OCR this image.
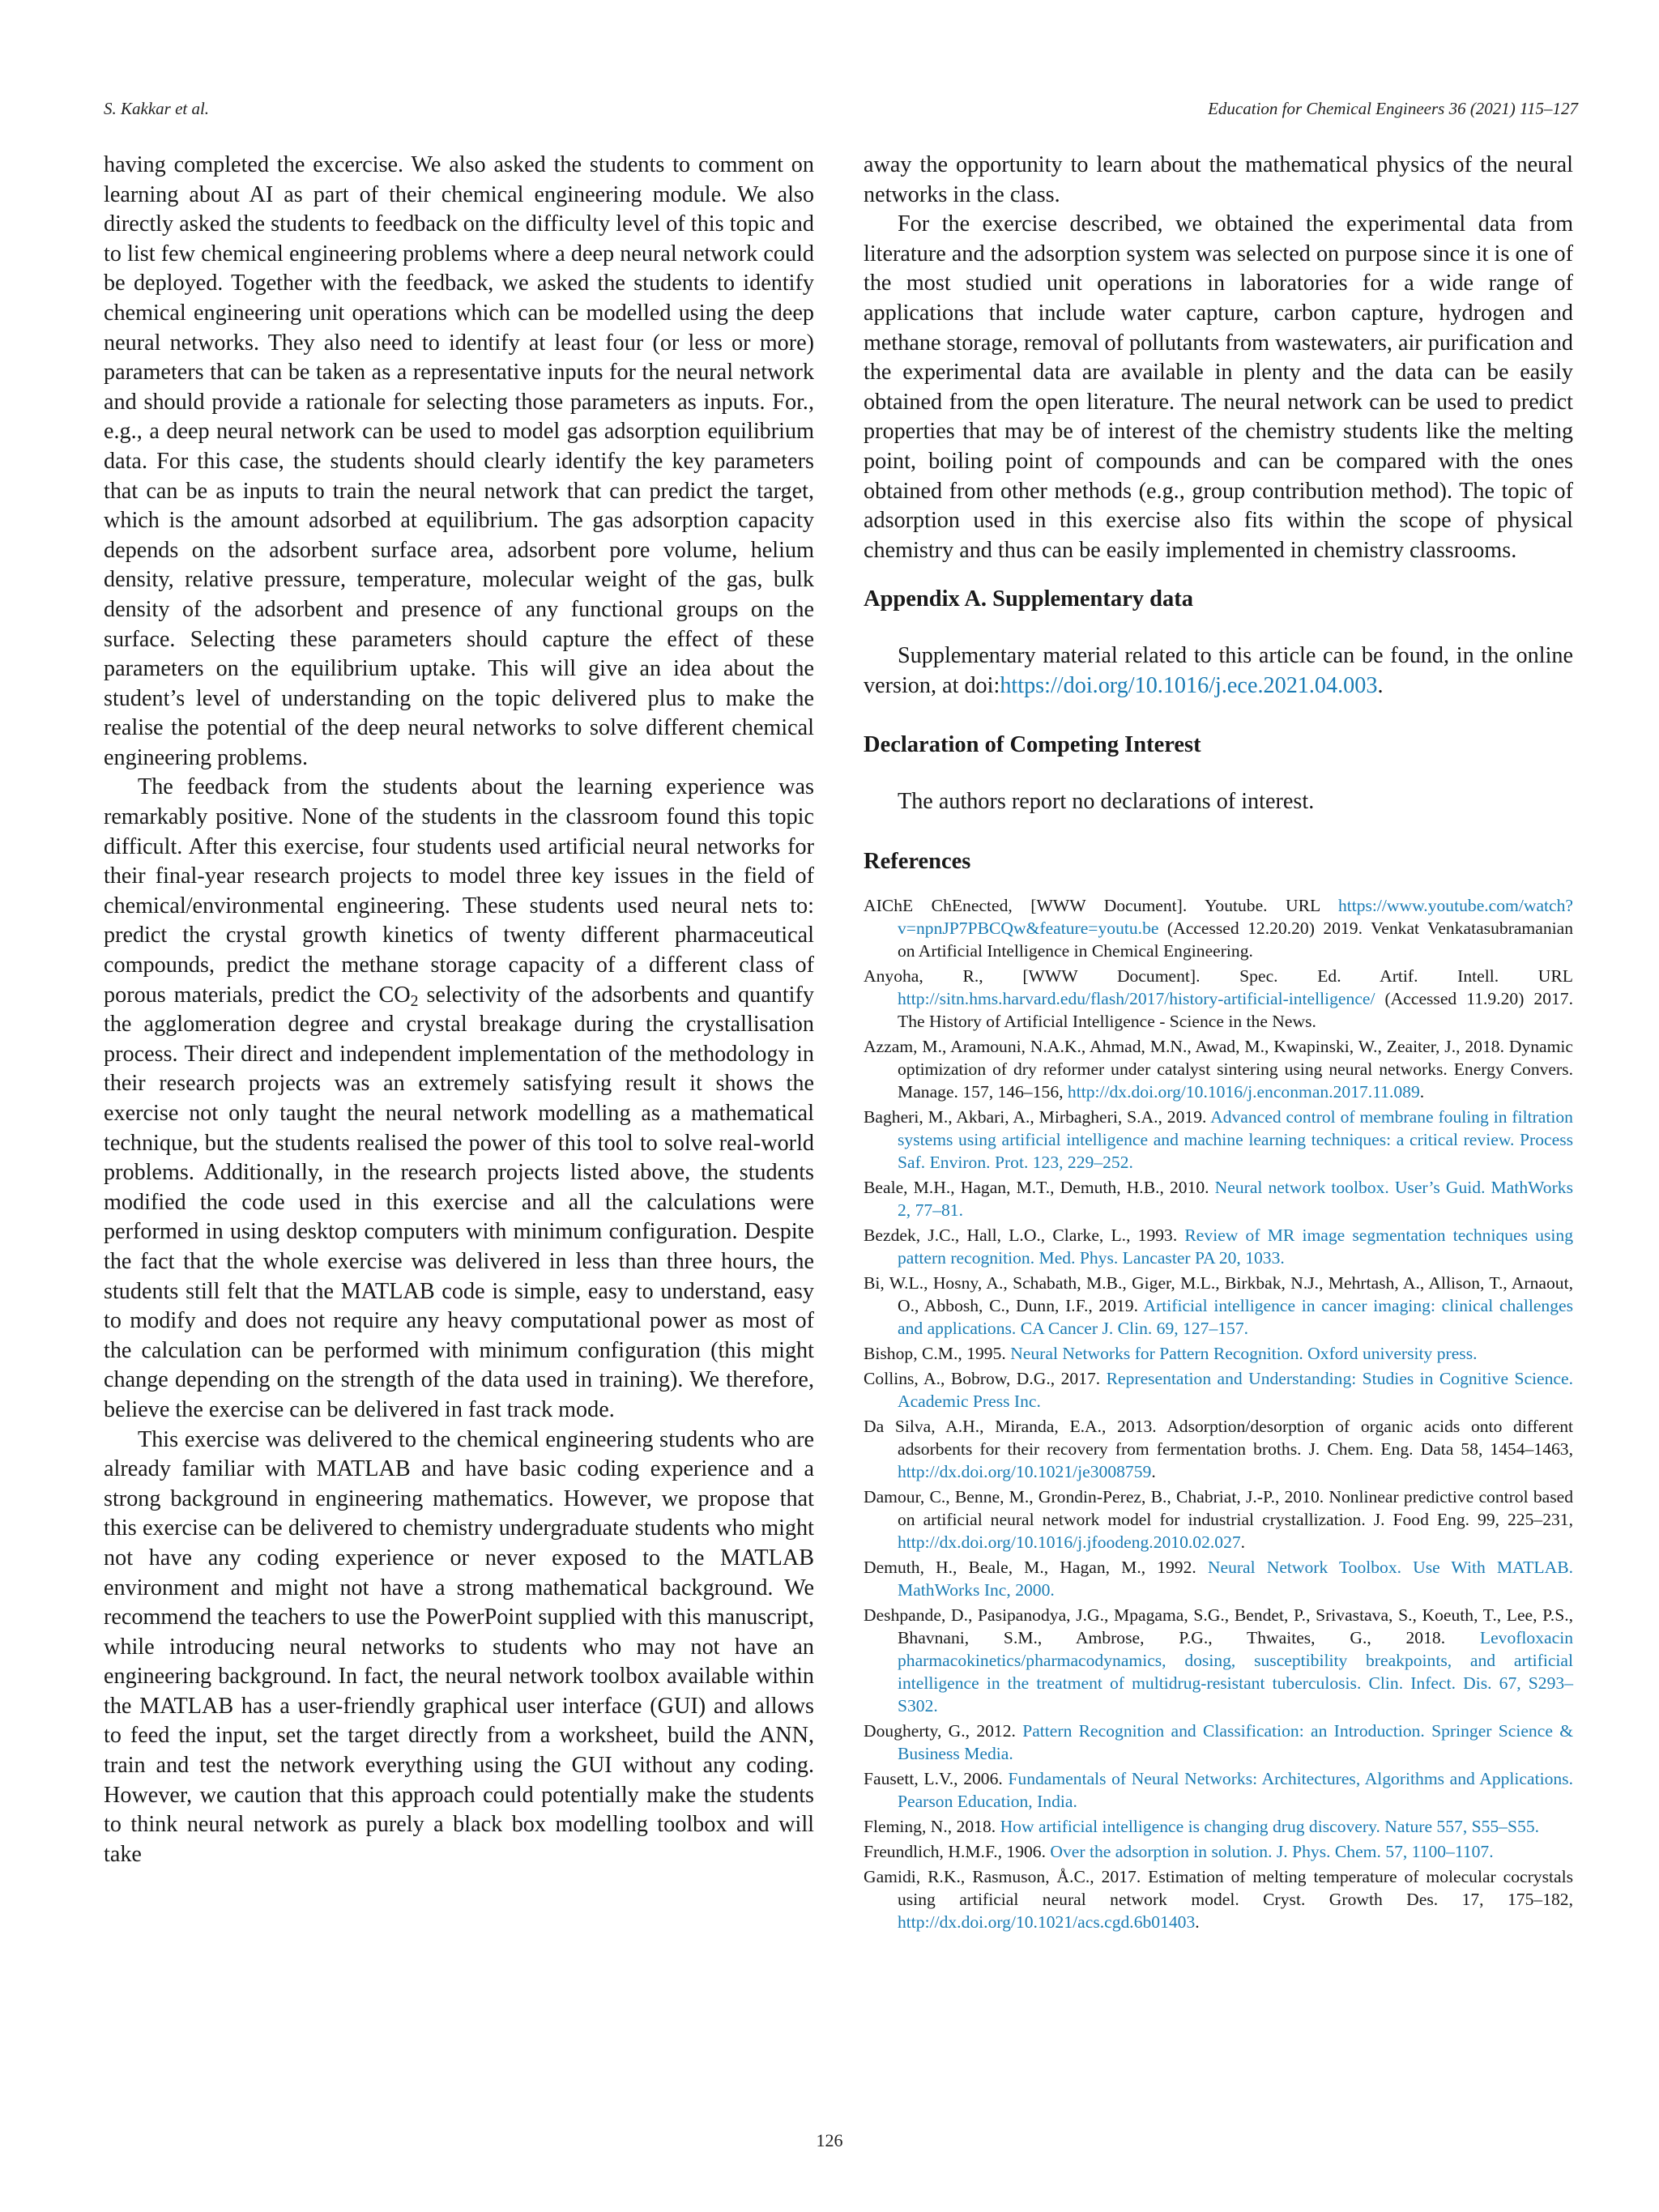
S. Kakkar et al.	Education for Chemical Engineers 36 (2021) 115–127

having completed the excercise. We also asked the students to comment on learning about AI as part of their chemical engineering module. We also directly asked the students to feedback on the difficulty level of this topic and to list few chemical engineering problems where a deep neural network could be deployed. Together with the feedback, we asked the students to identify chemical engineering unit operations which can be modelled using the deep neural networks. They also need to identify at least four (or less or more) parameters that can be taken as a representative inputs for the neural network and should provide a rationale for selecting those parameters as inputs. For., e.g., a deep neural network can be used to model gas adsorption equilibrium data. For this case, the students should clearly identify the key parameters that can be as inputs to train the neural network that can predict the target, which is the amount adsorbed at equilibrium. The gas adsorption capacity depends on the adsorbent surface area, adsorbent pore volume, helium density, relative pressure, temperature, molecular weight of the gas, bulk density of the adsorbent and presence of any functional groups on the surface. Selecting these parameters should capture the effect of these parameters on the equilibrium uptake. This will give an idea about the student’s level of understanding on the topic delivered plus to make the realise the potential of the deep neural networks to solve different chemical engineering problems.

The feedback from the students about the learning experience was remarkably positive. None of the students in the classroom found this topic difficult. After this exercise, four students used artificial neural networks for their final-year research projects to model three key issues in the field of chemical/environmental engineering. These students used neural nets to: predict the crystal growth kinetics of twenty different pharmaceutical compounds, predict the methane storage capacity of a different class of porous materials, predict the $CO_2$ selectivity of the adsorbents and quantify the agglomeration degree and crystal breakage during the crystallisation process. Their direct and independent implementation of the methodology in their research projects was an extremely satisfying result it shows the exercise not only taught the neural network modelling as a mathematical technique, but the students realised the power of this tool to solve real-world problems. Additionally, in the research projects listed above, the students modified the code used in this exercise and all the calculations were performed in using desktop computers with minimum configuration. Despite the fact that the whole exercise was delivered in less than three hours, the students still felt that the MATLAB code is simple, easy to understand, easy to modify and does not require any heavy computational power as most of the calculation can be performed with minimum configuration (this might change depending on the strength of the data used in training). We therefore, believe the exercise can be delivered in fast track mode.

This exercise was delivered to the chemical engineering students who are already familiar with MATLAB and have basic coding experience and a strong background in engineering mathematics. However, we propose that this exercise can be delivered to chemistry undergraduate students who might not have any coding experience or never exposed to the MATLAB environment and might not have a strong mathematical background. We recommend the teachers to use the PowerPoint supplied with this manuscript, while introducing neural networks to students who may not have an engineering background. In fact, the neural network toolbox available within the MATLAB has a user-friendly graphical user interface (GUI) and allows to feed the input, set the target directly from a worksheet, build the ANN, train and test the network everything using the GUI without any coding. However, we caution that this approach could potentially make the students to think neural network as purely a black box modelling toolbox and will take

away the opportunity to learn about the mathematical physics of the neural networks in the class.

For the exercise described, we obtained the experimental data from literature and the adsorption system was selected on purpose since it is one of the most studied unit operations in laboratories for a wide range of applications that include water capture, carbon capture, hydrogen and methane storage, removal of pollutants from wastewaters, air purification and the experimental data are available in plenty and the data can be easily obtained from the open literature. The neural network can be used to predict properties that may be of interest of the chemistry students like the melting point, boiling point of compounds and can be compared with the ones obtained from other methods (e.g., group contribution method). The topic of adsorption used in this exercise also fits within the scope of physical chemistry and thus can be easily implemented in chemistry classrooms.

Appendix A. Supplementary data

Supplementary material related to this article can be found, in the online version, at doi:https://doi.org/10.1016/j.ece.2021.04.003.

Declaration of Competing Interest

The authors report no declarations of interest.

References
AIChE ChEnected, [WWW Document]. Youtube. URL https://www.youtube.com/watch?v=npnJP7PBCQw&feature=youtu.be (Accessed 12.20.20) 2019. Venkat Venkatasubramanian on Artificial Intelligence in Chemical Engineering.
Anyoha, R., [WWW Document]. Spec. Ed. Artif. Intell. URL http://sitn.hms.harvard.edu/flash/2017/history-artificial-intelligence/ (Accessed 11.9.20) 2017. The History of Artificial Intelligence - Science in the News.
Azzam, M., Aramouni, N.A.K., Ahmad, M.N., Awad, M., Kwapinski, W., Zeaiter, J., 2018. Dynamic optimization of dry reformer under catalyst sintering using neural networks. Energy Convers. Manage. 157, 146–156, http://dx.doi.org/10.1016/j.enconman.2017.11.089.
Bagheri, M., Akbari, A., Mirbagheri, S.A., 2019. Advanced control of membrane fouling in filtration systems using artificial intelligence and machine learning techniques: a critical review. Process Saf. Environ. Prot. 123, 229–252.
Beale, M.H., Hagan, M.T., Demuth, H.B., 2010. Neural network toolbox. User’s Guid. MathWorks 2, 77–81.
Bezdek, J.C., Hall, L.O., Clarke, L., 1993. Review of MR image segmentation techniques using pattern recognition. Med. Phys. Lancaster PA 20, 1033.
Bi, W.L., Hosny, A., Schabath, M.B., Giger, M.L., Birkbak, N.J., Mehrtash, A., Allison, T., Arnaout, O., Abbosh, C., Dunn, I.F., 2019. Artificial intelligence in cancer imaging: clinical challenges and applications. CA Cancer J. Clin. 69, 127–157.
Bishop, C.M., 1995. Neural Networks for Pattern Recognition. Oxford university press.
Collins, A., Bobrow, D.G., 2017. Representation and Understanding: Studies in Cognitive Science. Academic Press Inc.
Da Silva, A.H., Miranda, E.A., 2013. Adsorption/desorption of organic acids onto different adsorbents for their recovery from fermentation broths. J. Chem. Eng. Data 58, 1454–1463, http://dx.doi.org/10.1021/je3008759.
Damour, C., Benne, M., Grondin-Perez, B., Chabriat, J.-P., 2010. Nonlinear predictive control based on artificial neural network model for industrial crystallization. J. Food Eng. 99, 225–231, http://dx.doi.org/10.1016/j.jfoodeng.2010.02.027.
Demuth, H., Beale, M., Hagan, M., 1992. Neural Network Toolbox. Use With MATLAB. MathWorks Inc, 2000.
Deshpande, D., Pasipanodya, J.G., Mpagama, S.G., Bendet, P., Srivastava, S., Koeuth, T., Lee, P.S., Bhavnani, S.M., Ambrose, P.G., Thwaites, G., 2018. Levofloxacin pharmacokinetics/pharmacodynamics, dosing, susceptibility breakpoints, and artificial intelligence in the treatment of multidrug-resistant tuberculosis. Clin. Infect. Dis. 67, S293–S302.
Dougherty, G., 2012. Pattern Recognition and Classification: an Introduction. Springer Science & Business Media.
Fausett, L.V., 2006. Fundamentals of Neural Networks: Architectures, Algorithms and Applications. Pearson Education, India.
Fleming, N., 2018. How artificial intelligence is changing drug discovery. Nature 557, S55–S55.
Freundlich, H.M.F., 1906. Over the adsorption in solution. J. Phys. Chem. 57, 1100–1107.
Gamidi, R.K., Rasmuson, Å.C., 2017. Estimation of melting temperature of molecular cocrystals using artificial neural network model. Cryst. Growth Des. 17, 175–182, http://dx.doi.org/10.1021/acs.cgd.6b01403.
126
